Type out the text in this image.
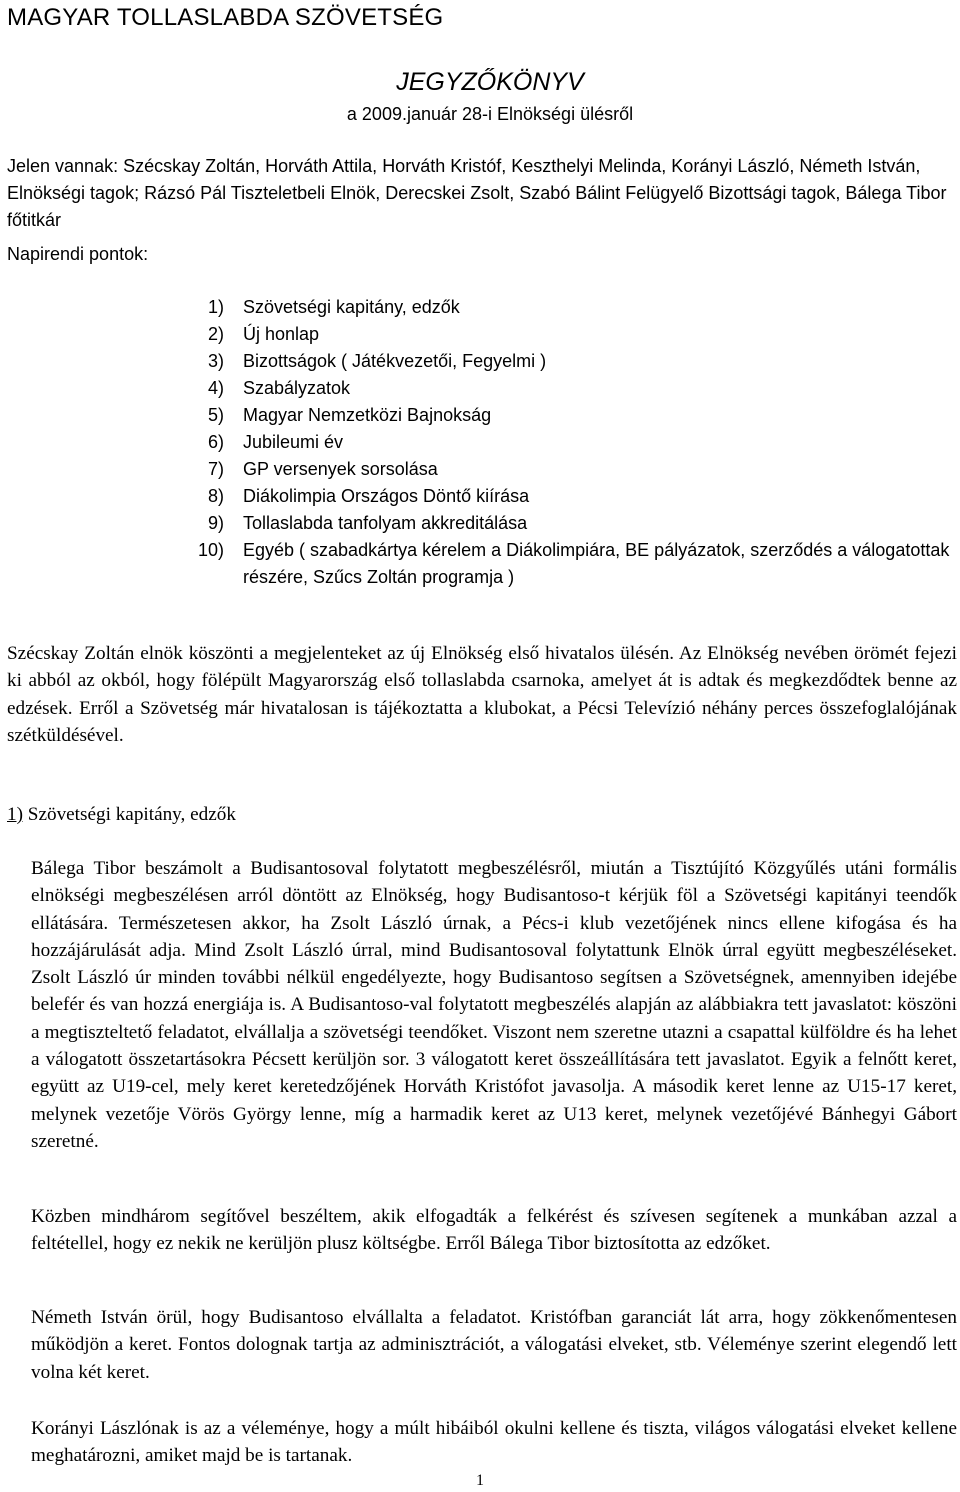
MAGYAR TOLLASLABDA SZÖVETSÉG
JEGYZŐKÖNYV
a 2009.január 28-i Elnökségi ülésről

Jelen vannak: Szécskay Zoltán, Horváth Attila, Horváth Kristóf, Keszthelyi Melinda, Korányi László, Németh István, Elnökségi tagok; Rázsó Pál Tiszteletbeli Elnök, Derecskei Zsolt, Szabó Bálint Felügyelő Bizottsági tagok, Bálega Tibor főtitkár

Napirendi pontok:

1) Szövetségi kapitány, edzők
2) Új honlap
3) Bizottságok ( Játékvezetői, Fegyelmi )
4) Szabályzatok
5) Magyar Nemzetközi Bajnokság
6) Jubileumi év
7) GP versenyek sorsolása
8) Diákolimpia Országos Döntő kiírása
9) Tollaslabda tanfolyam akkreditálása
10) Egyéb ( szabadkártya kérelem a Diákolimpiára, BE pályázatok, szerződés a válogatottak részére, Szűcs Zoltán programja )

Szécskay Zoltán elnök köszönti a megjelenteket az új Elnökség első hivatalos ülésén. Az Elnökség nevében örömét fejezi ki abból az okból, hogy fölépült Magyarország első tollaslabda csarnoka, amelyet át is adtak és megkezdődtek benne az edzések. Erről a Szövetség már hivatalosan is tájékoztatta a klubokat, a Pécsi Televízió néhány perces összefoglalójának szétküldésével.

1) Szövetségi kapitány, edzők

Bálega Tibor beszámolt a Budisantosoval folytatott megbeszélésről, miután a Tisztújító Közgyűlés utáni formális elnökségi megbeszélésen arról döntött az Elnökség, hogy Budisantoso-t kérjük föl a Szövetségi kapitányi teendők ellátására. Természetesen akkor, ha Zsolt László úrnak, a Pécs-i klub vezetőjének nincs ellene kifogása és ha hozzájárulását adja. Mind Zsolt László úrral, mind Budisantosoval folytattunk Elnök úrral együtt megbeszéléseket. Zsolt László úr minden további nélkül engedélyezte, hogy Budisantoso segítsen a Szövetségnek, amennyiben idejébe belefér és van hozzá energiája is. A Budisantoso-val folytatott megbeszélés alapján az alábbiakra tett javaslatot: köszöni a megtiszteltető feladatot, elvállalja a szövetségi teendőket. Viszont nem szeretne utazni a csapattal külföldre és ha lehet a válogatott összetartásokra Pécsett kerüljön sor. 3 válogatott keret összeállítására tett javaslatot. Egyik a felnőtt keret, együtt az U19-cel, mely keret keretedzőjének Horváth Kristófot javasolja. A második keret lenne az U15-17 keret, melynek vezetője Vörös György lenne, míg a harmadik keret az U13 keret, melynek vezetőjévé Bánhegyi Gábort szeretné.

Közben mindhárom segítővel beszéltem, akik elfogadták a felkérést és szívesen segítenek a munkában azzal a feltétellel, hogy ez nekik ne kerüljön plusz költségbe. Erről Bálega Tibor biztosította az edzőket.

Németh István örül, hogy Budisantoso elvállalta a feladatot. Kristófban garanciát lát arra, hogy zökkenőmentesen működjön a keret. Fontos dolognak tartja az adminisztrációt, a válogatási elveket, stb. Véleménye szerint elegendő lett volna két keret.

Korányi Lászlónak is az a véleménye, hogy a múlt hibáiból okulni kellene és tiszta, világos válogatási elveket kellene meghatározni, amiket majd be is tartanak.

1
